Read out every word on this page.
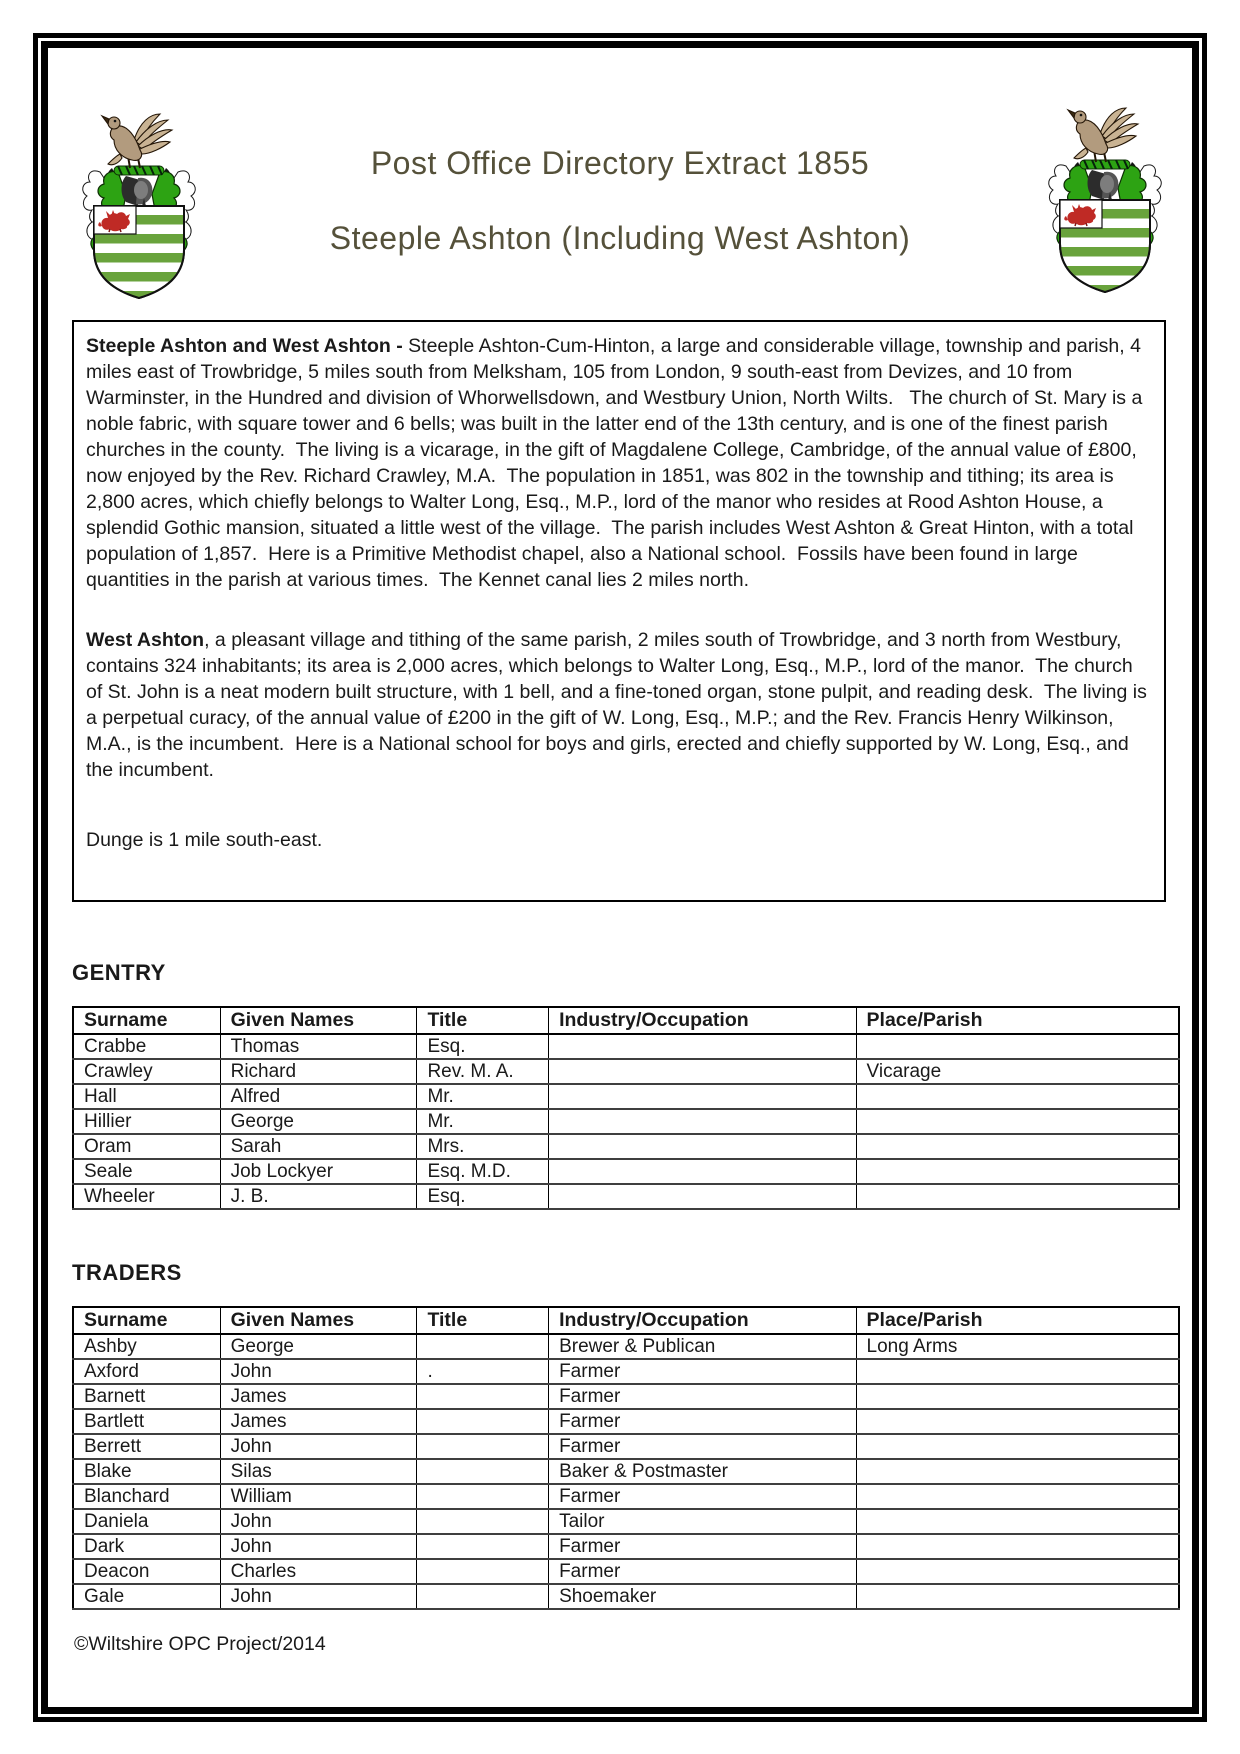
Post Office Directory Extract 1855
Steeple Ashton (Including West Ashton)

Steeple Ashton and West Ashton - Steeple Ashton-Cum-Hinton, a large and considerable village, township and parish, 4 miles east of Trowbridge, 5 miles south from Melksham, 105 from London, 9 south-east from Devizes, and 10 from Warminster, in the Hundred and division of Whorwellsdown, and Westbury Union, North Wilts.   The church of St. Mary is a noble fabric, with square tower and 6 bells; was built in the latter end of the 13th century, and is one of the finest parish churches in the county.  The living is a vicarage, in the gift of Magdalene College, Cambridge, of the annual value of £800, now enjoyed by the Rev. Richard Crawley, M.A.  The population in 1851, was 802 in the township and tithing; its area is 2,800 acres, which chiefly belongs to Walter Long, Esq., M.P., lord of the manor who resides at Rood Ashton House, a splendid Gothic mansion, situated a little west of the village.  The parish includes West Ashton & Great Hinton, with a total population of 1,857.  Here is a Primitive Methodist chapel, also a National school.  Fossils have been found in large quantities in the parish at various times.  The Kennet canal lies 2 miles north.

West Ashton, a pleasant village and tithing of the same parish, 2 miles south of Trowbridge, and 3 north from Westbury, contains 324 inhabitants; its area is 2,000 acres, which belongs to Walter Long, Esq., M.P., lord of the manor.  The church of St. John is a neat modern built structure, with 1 bell, and a fine-toned organ, stone pulpit, and reading desk.  The living is a perpetual curacy, of the annual value of £200 in the gift of W. Long, Esq., M.P.; and the Rev. Francis Henry Wilkinson, M.A., is the incumbent.  Here is a National school for boys and girls, erected and chiefly supported by W. Long, Esq., and the incumbent.

Dunge is 1 mile south-east.

GENTRY
Surname	Given Names	Title	Industry/Occupation	Place/Parish
Crabbe	Thomas	Esq.		
Crawley	Richard	Rev. M. A.		Vicarage
Hall	Alfred	Mr.		
Hillier	George	Mr.		
Oram	Sarah	Mrs.		
Seale	Job Lockyer	Esq. M.D.		
Wheeler	J. B.	Esq.		
TRADERS
Surname	Given Names	Title	Industry/Occupation	Place/Parish
Ashby	George		Brewer & Publican	Long Arms
Axford	John	.	Farmer	
Barnett	James		Farmer	
Bartlett	James		Farmer	
Berrett	John		Farmer	
Blake	Silas		Baker & Postmaster	
Blanchard	William		Farmer	
Daniela	John		Tailor	
Dark	John		Farmer	
Deacon	Charles		Farmer	
Gale	John		Shoemaker	
©Wiltshire OPC Project/2014
